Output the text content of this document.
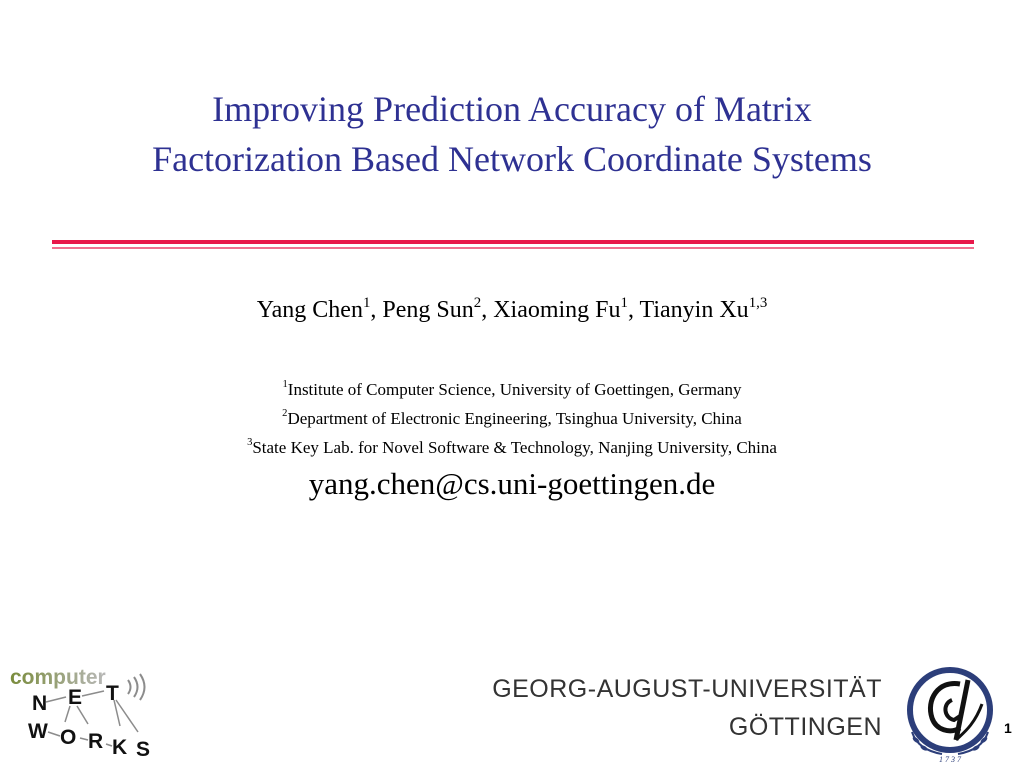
Improving Prediction Accuracy of Matrix
Factorization Based Network Coordinate Systems
Yang Chen$^1$, Peng Sun$^2$, Xiaoming Fu$^1$, Tianyin Xu$^{1,3}$
$^1$Institute of Computer Science, University of Goettingen, Germany
$^2$Department of Electronic Engineering, Tsinghua University, China
$^3$State Key Lab. for Novel Software & Technology, Nanjing University, China
yang.chen@cs.uni-goettingen.de
computer
N E T
W O R K S
GEORG-AUGUST-UNIVERSITÄT
GÖTTINGEN
1 7 3 7
1
